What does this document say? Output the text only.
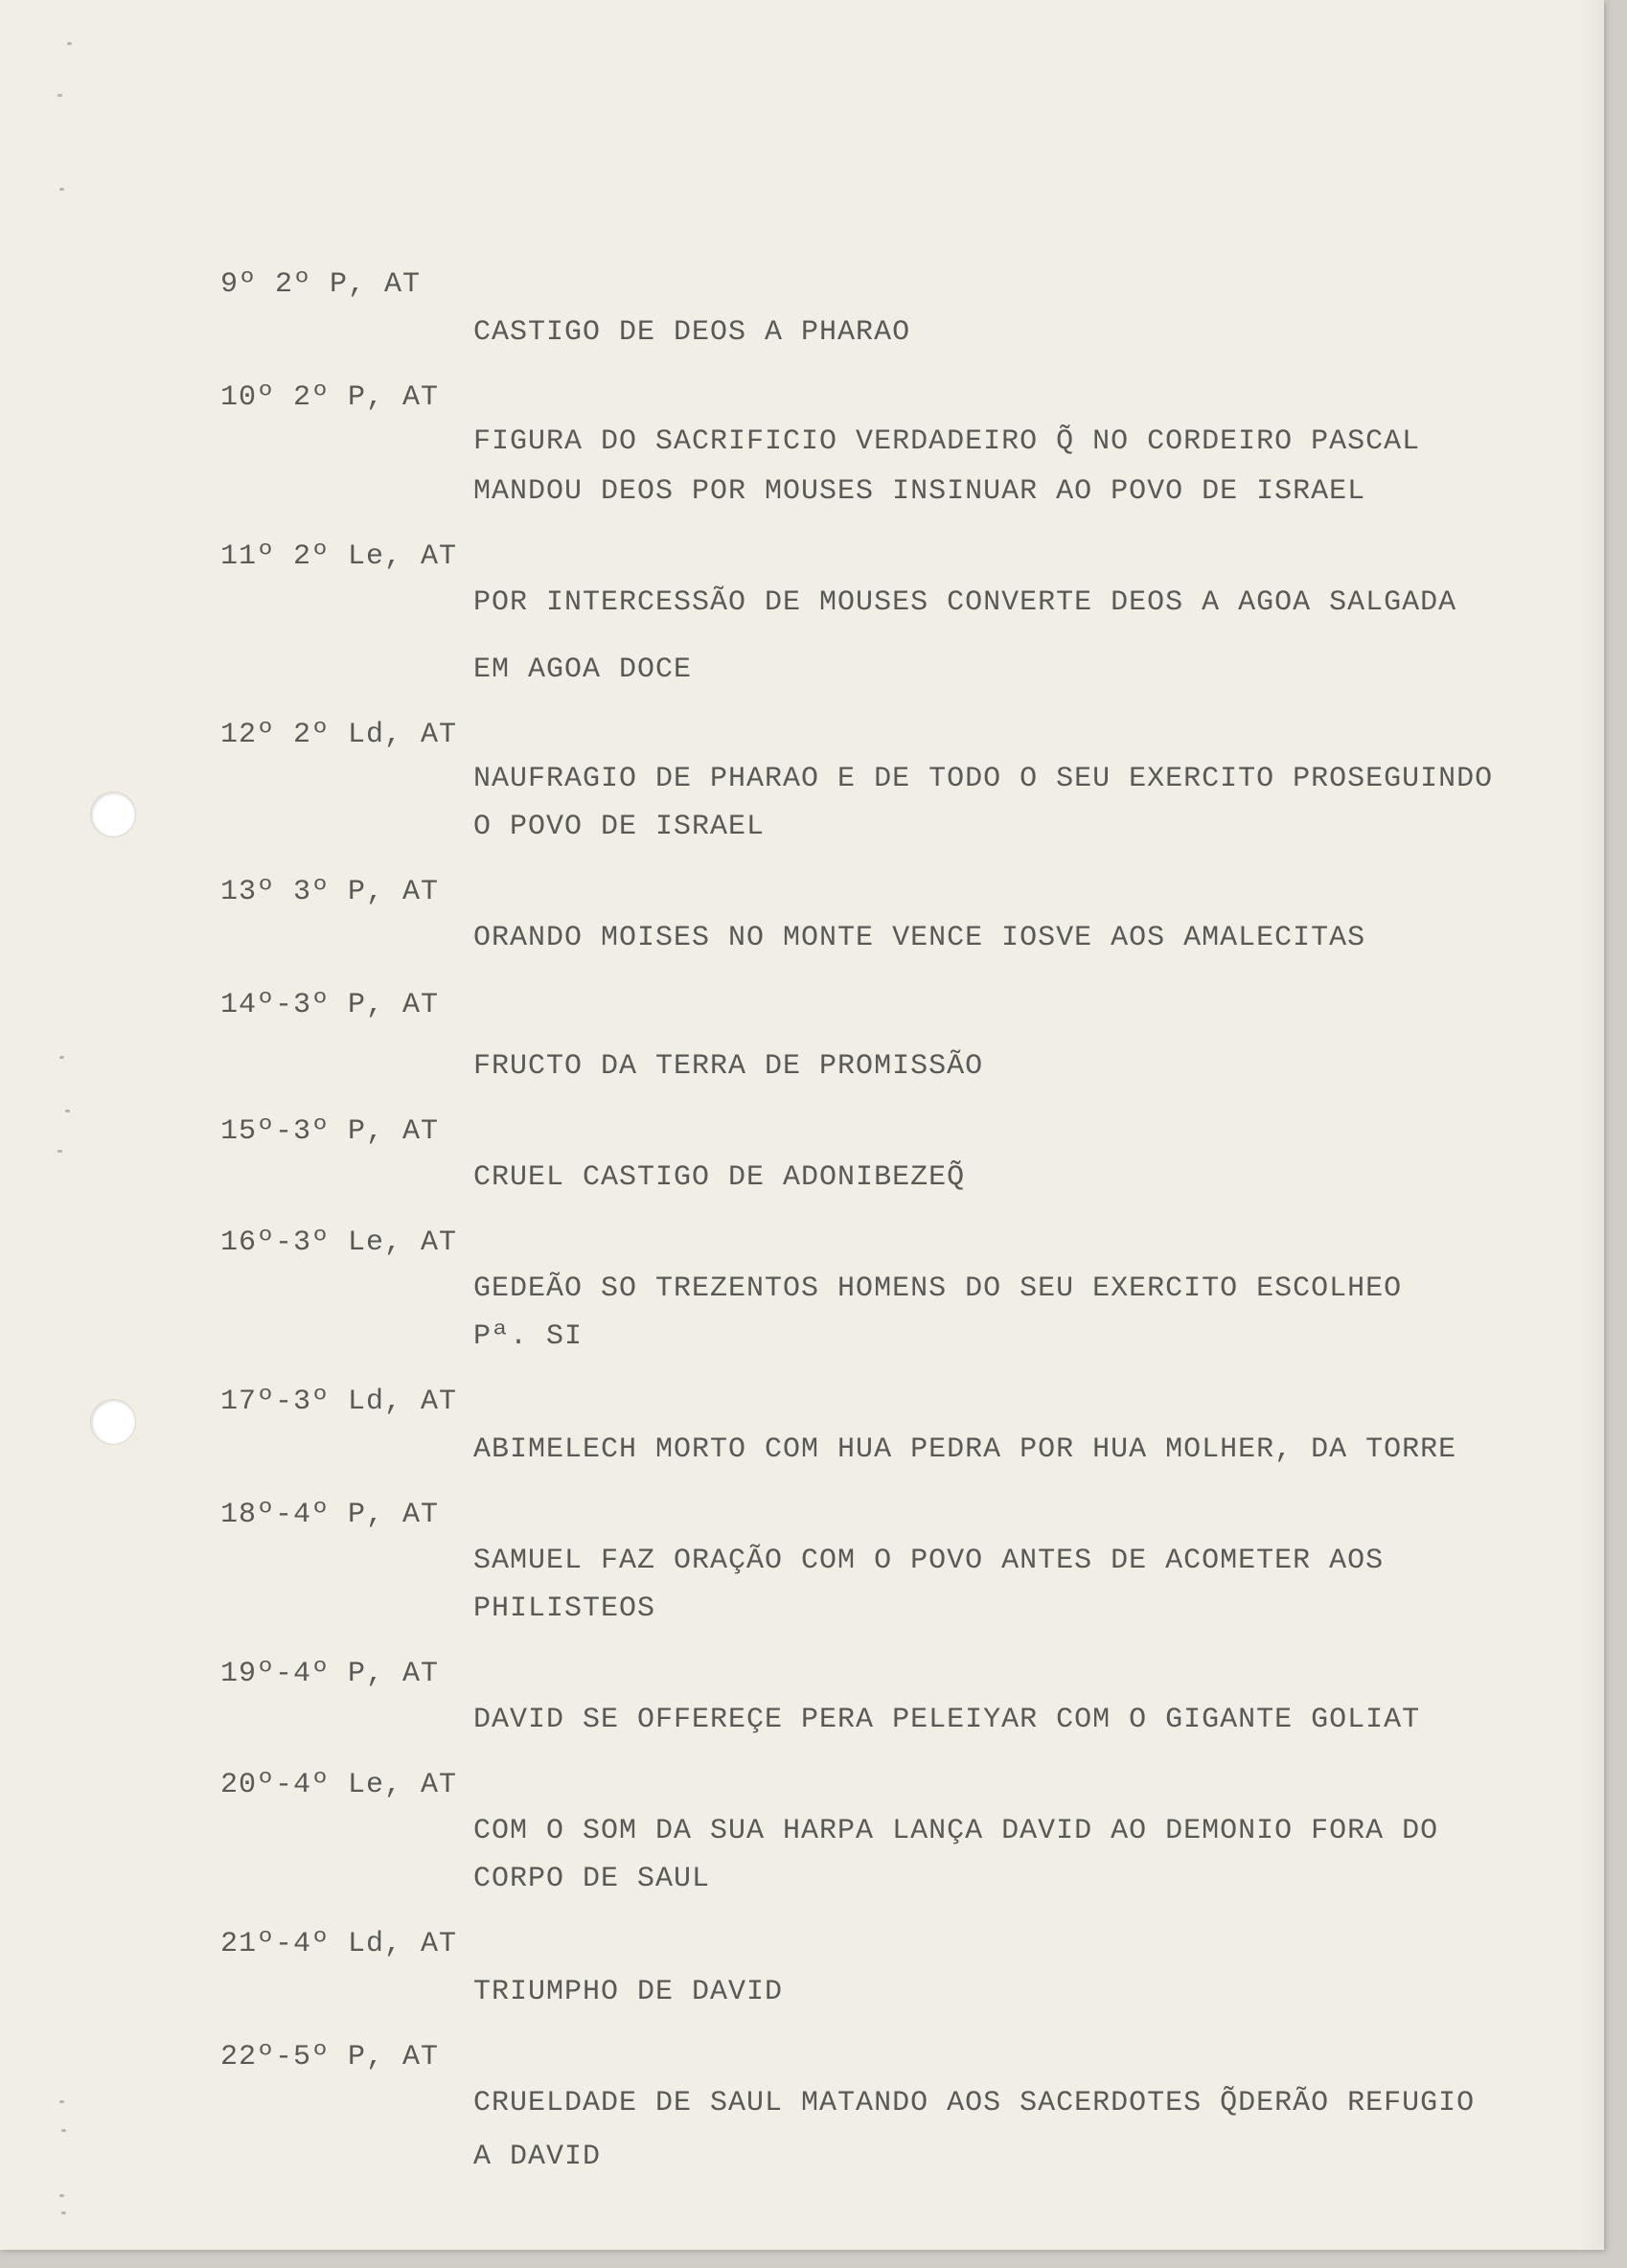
9º 2º P, AT
CASTIGO DE DEOS A PHARAO
10º 2º P, AT
FIGURA DO SACRIFICIO VERDADEIRO Q̃ NO CORDEIRO PASCAL
MANDOU DEOS POR MOUSES INSINUAR AO POVO DE ISRAEL
11º 2º Le, AT
POR INTERCESSÃO DE MOUSES CONVERTE DEOS A AGOA SALGADA
EM AGOA DOCE
12º 2º Ld, AT
NAUFRAGIO DE PHARAO E DE TODO O SEU EXERCITO PROSEGUINDO
O POVO DE ISRAEL
13º 3º P, AT
ORANDO MOISES NO MONTE VENCE IOSVE AOS AMALECITAS
14º-3º P, AT
FRUCTO DA TERRA DE PROMISSÃO
15º-3º P, AT
CRUEL CASTIGO DE ADONIBEZEQ̃
16º-3º Le, AT
GEDEÃO SO TREZENTOS HOMENS DO SEU EXERCITO ESCOLHEO
Pª. SI
17º-3º Ld, AT
ABIMELECH MORTO COM HUA PEDRA POR HUA MOLHER, DA TORRE
18º-4º P, AT
SAMUEL FAZ ORAÇÃO COM O POVO ANTES DE ACOMETER AOS
PHILISTEOS
19º-4º P, AT
DAVID SE OFFEREÇE PERA PELEIYAR COM O GIGANTE GOLIAT
20º-4º Le, AT
COM O SOM DA SUA HARPA LANÇA DAVID AO DEMONIO FORA DO
CORPO DE SAUL
21º-4º Ld, AT
TRIUMPHO DE DAVID
22º-5º P, AT
CRUELDADE DE SAUL MATANDO AOS SACERDOTES Q̃DERÃO REFUGIO
A DAVID
